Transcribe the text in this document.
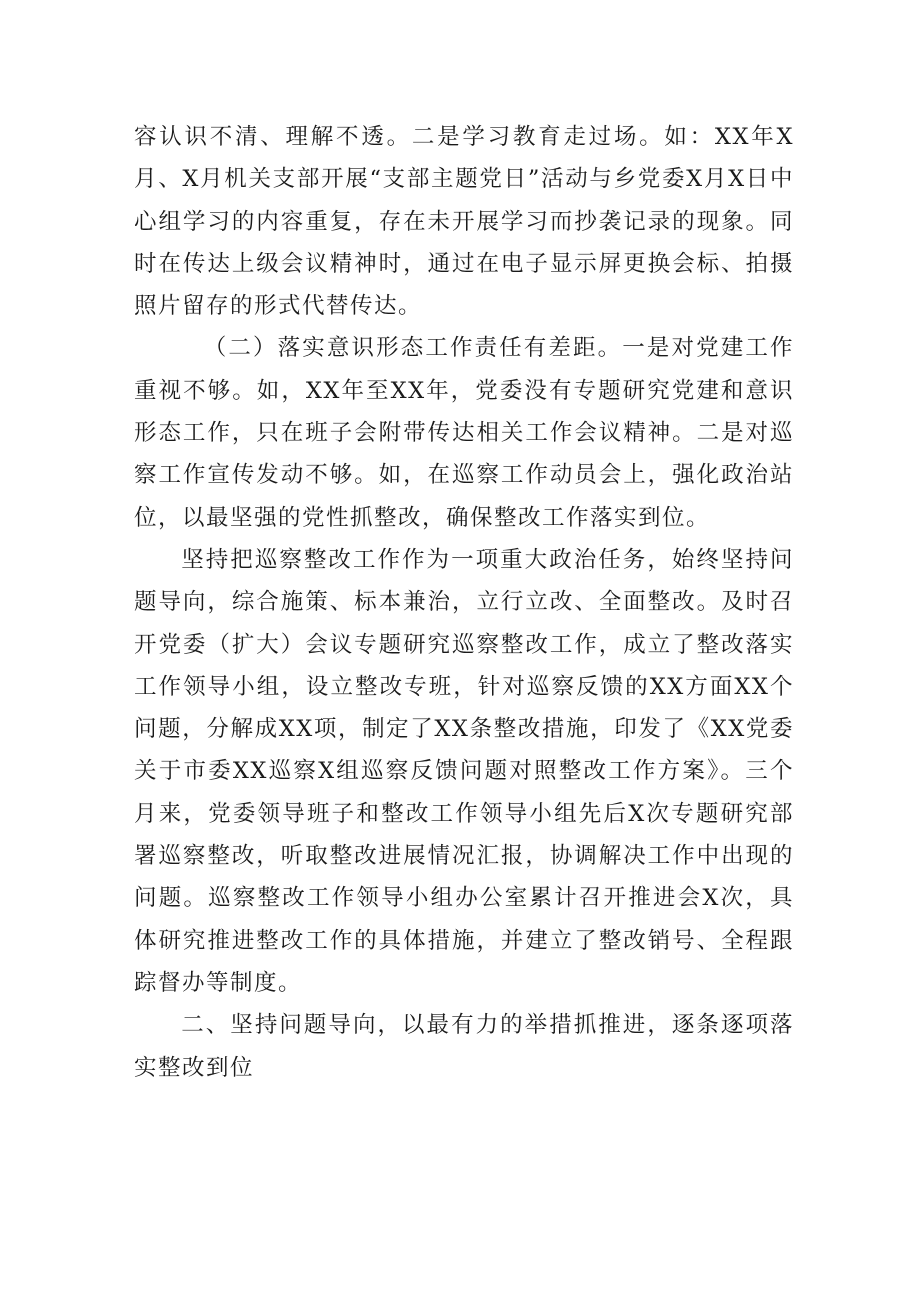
容认识不清、理解不透。二是学习教育走过场。如：XX年X月、X月机关支部开展“支部主题党日”活动与乡党委X月X日中心组学习的内容重复，存在未开展学习而抄袭记录的现象。同时在传达上级会议精神时，通过在电子显示屏更换会标、拍摄照片留存的形式代替传达。

（二）落实意识形态工作责任有差距。一是对党建工作重视不够。如，XX年至XX年，党委没有专题研究党建和意识形态工作，只在班子会附带传达相关工作会议精神。二是对巡察工作宣传发动不够。如，在巡察工作动员会上，强化政治站位，以最坚强的党性抓整改，确保整改工作落实到位。

坚持把巡察整改工作作为一项重大政治任务，始终坚持问题导向，综合施策、标本兼治，立行立改、全面整改。及时召开党委（扩大）会议专题研究巡察整改工作，成立了整改落实工作领导小组，设立整改专班，针对巡察反馈的XX方面XX个问题，分解成XX项，制定了XX条整改措施，印发了《XX党委关于市委XX巡察X组巡察反馈问题对照整改工作方案》。三个月来，党委领导班子和整改工作领导小组先后X次专题研究部署巡察整改，听取整改进展情况汇报，协调解决工作中出现的问题。巡察整改工作领导小组办公室累计召开推进会X次，具体研究推进整改工作的具体措施，并建立了整改销号、全程跟踪督办等制度。

二、坚持问题导向，以最有力的举措抓推进，逐条逐项落实整改到位
